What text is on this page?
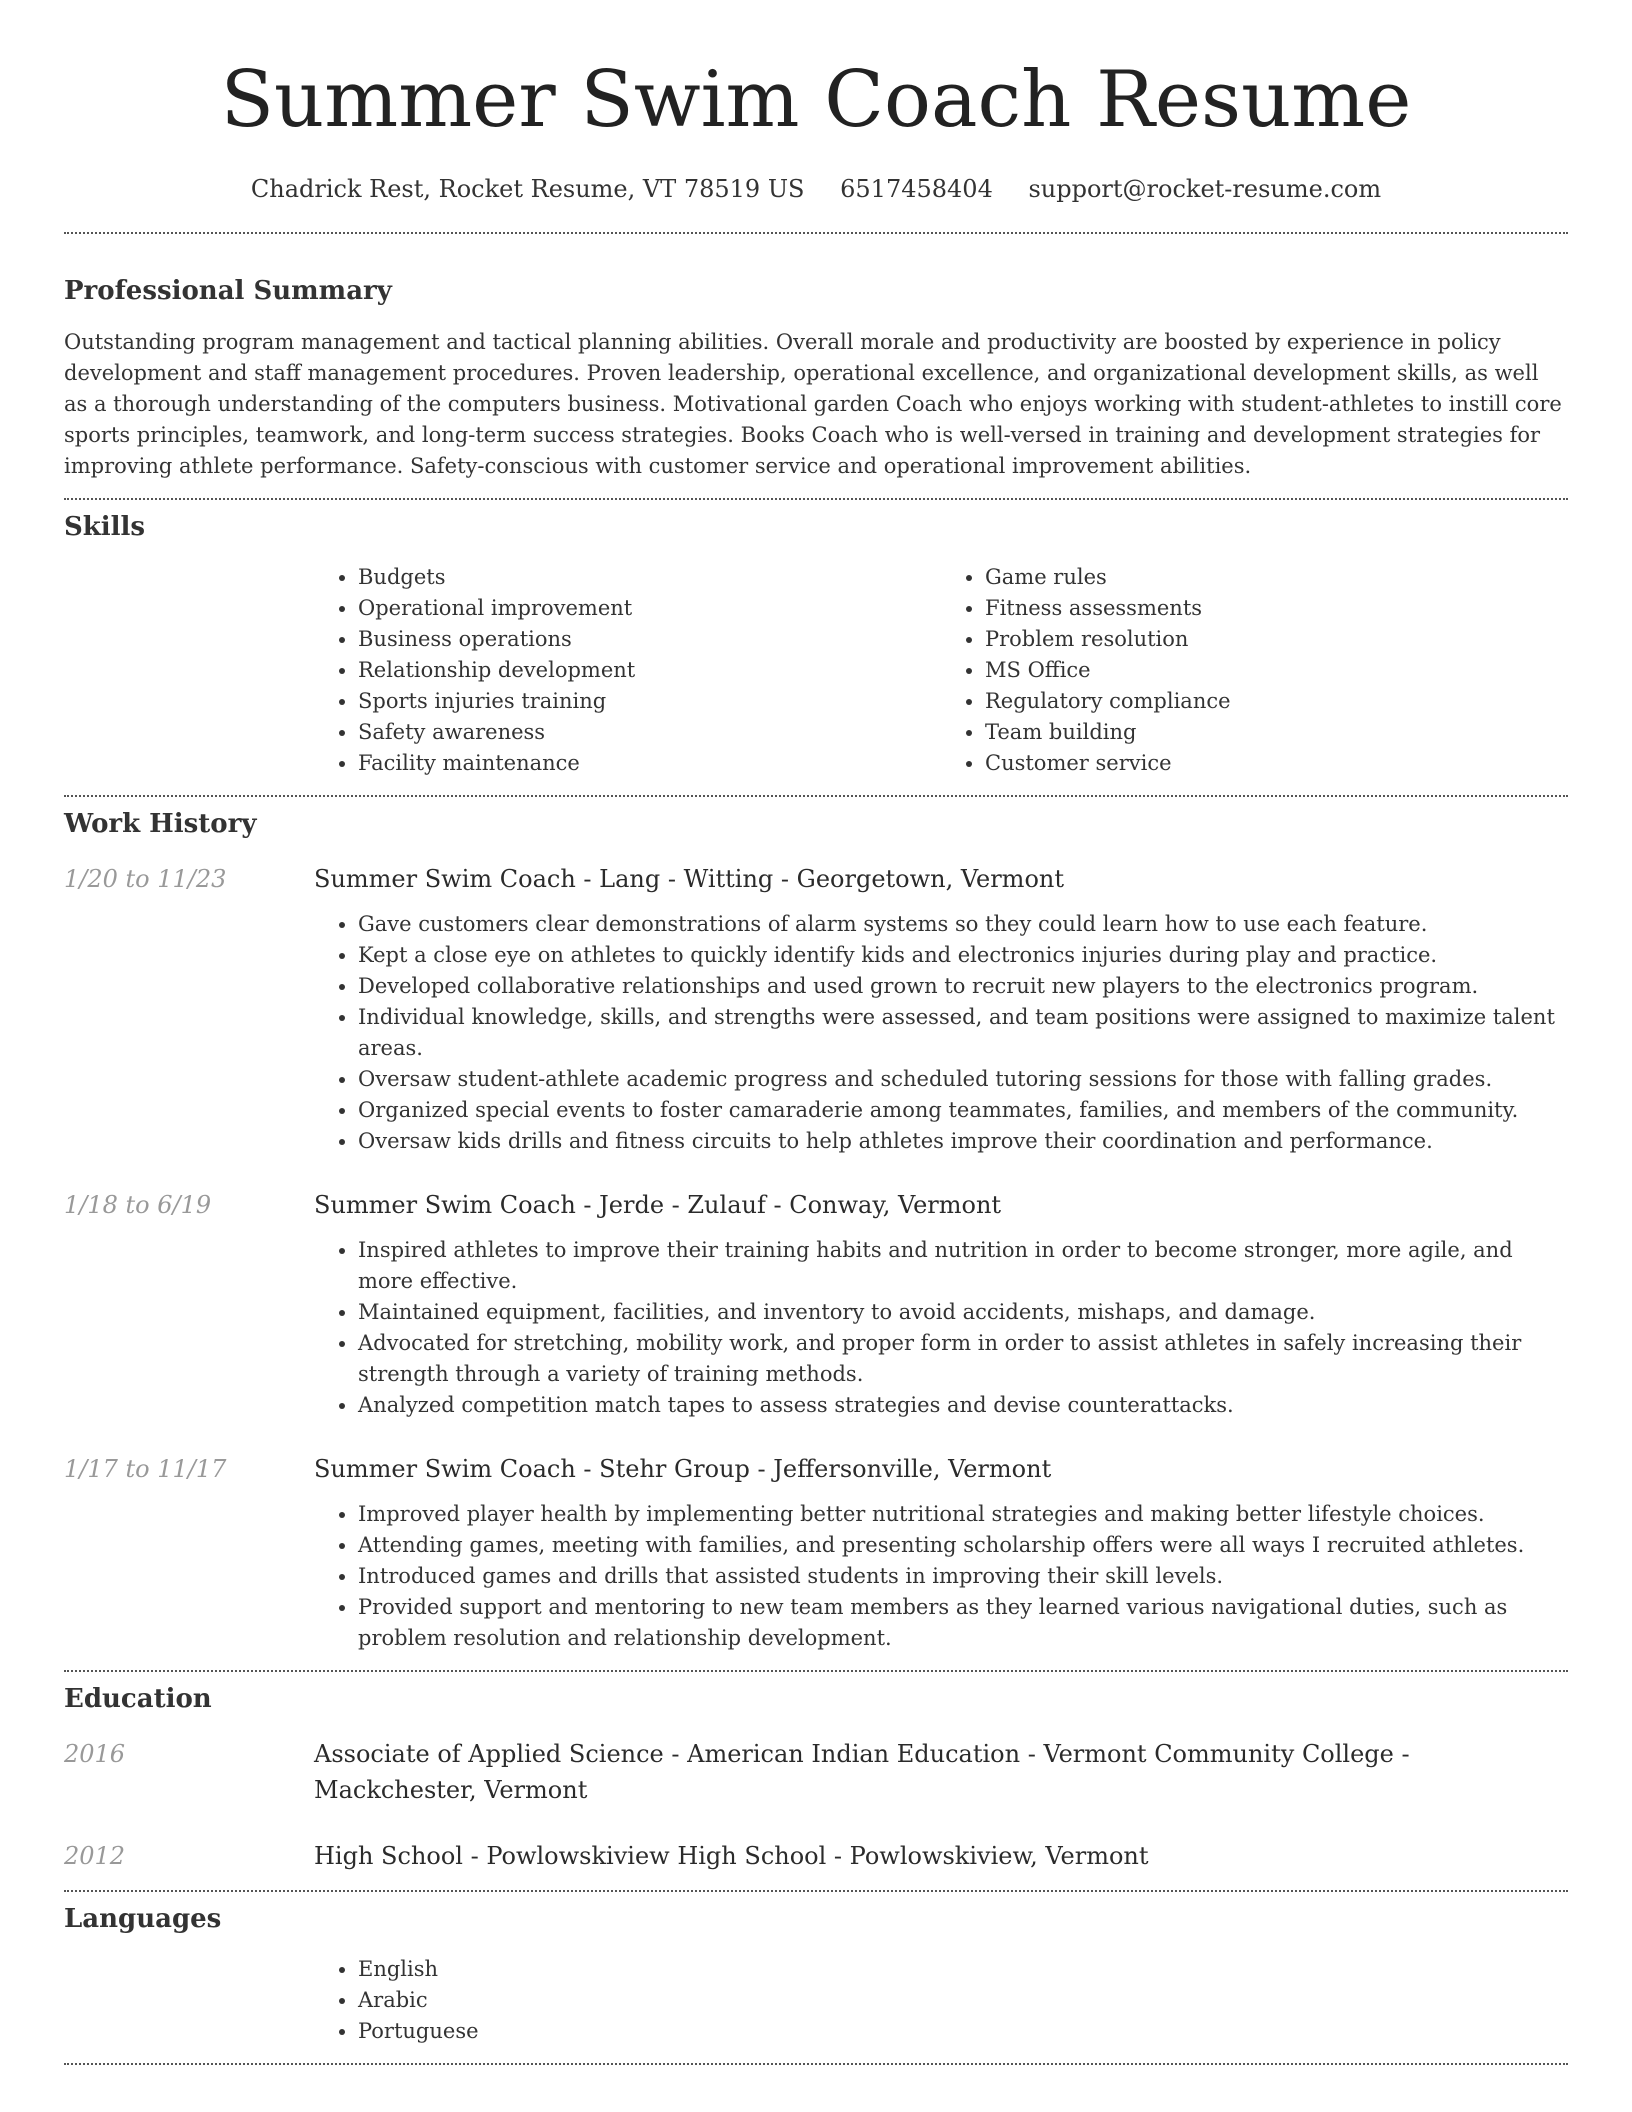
Summer Swim Coach Resume
Chadrick Rest, Rocket Resume, VT 78519 US 6517458404 support@rocket-resume.com
Professional Summary

Outstanding program management and tactical planning abilities. Overall morale and productivity are boosted by experience in policy development and staff management procedures. Proven leadership, operational excellence, and organizational development skills, as well as a thorough understanding of the computers business. Motivational garden Coach who enjoys working with student-athletes to instill core sports principles, teamwork, and long-term success strategies. Books Coach who is well-versed in training and development strategies for improving athlete performance. Safety-conscious with customer service and operational improvement abilities.

Skills
• Budgets
• Operational improvement
• Business operations
• Relationship development
• Sports injuries training
• Safety awareness
• Facility maintenance
• Game rules
• Fitness assessments
• Problem resolution
• MS Office
• Regulatory compliance
• Team building
• Customer service
Work History
1/20 to 11/23	Summer Swim Coach - Lang - Witting - Georgetown, Vermont
• Gave customers clear demonstrations of alarm systems so they could learn how to use each feature.
• Kept a close eye on athletes to quickly identify kids and electronics injuries during play and practice.
• Developed collaborative relationships and used grown to recruit new players to the electronics program.
• Individual knowledge, skills, and strengths were assessed, and team positions were assigned to maximize talent areas.
• Oversaw student-athlete academic progress and scheduled tutoring sessions for those with falling grades.
• Organized special events to foster camaraderie among teammates, families, and members of the community.
• Oversaw kids drills and fitness circuits to help athletes improve their coordination and performance.
1/18 to 6/19	Summer Swim Coach - Jerde - Zulauf - Conway, Vermont
• Inspired athletes to improve their training habits and nutrition in order to become stronger, more agile, and more effective.
• Maintained equipment, facilities, and inventory to avoid accidents, mishaps, and damage.
• Advocated for stretching, mobility work, and proper form in order to assist athletes in safely increasing their strength through a variety of training methods.
• Analyzed competition match tapes to assess strategies and devise counterattacks.
1/17 to 11/17	Summer Swim Coach - Stehr Group - Jeffersonville, Vermont
• Improved player health by implementing better nutritional strategies and making better lifestyle choices.
• Attending games, meeting with families, and presenting scholarship offers were all ways I recruited athletes.
• Introduced games and drills that assisted students in improving their skill levels.
• Provided support and mentoring to new team members as they learned various navigational duties, such as problem resolution and relationship development.
Education
2016	Associate of Applied Science - American Indian Education - Vermont Community College - Mackchester, Vermont
2012	High School - Powlowskiview High School - Powlowskiview, Vermont
Languages
• English
• Arabic
• Portuguese
